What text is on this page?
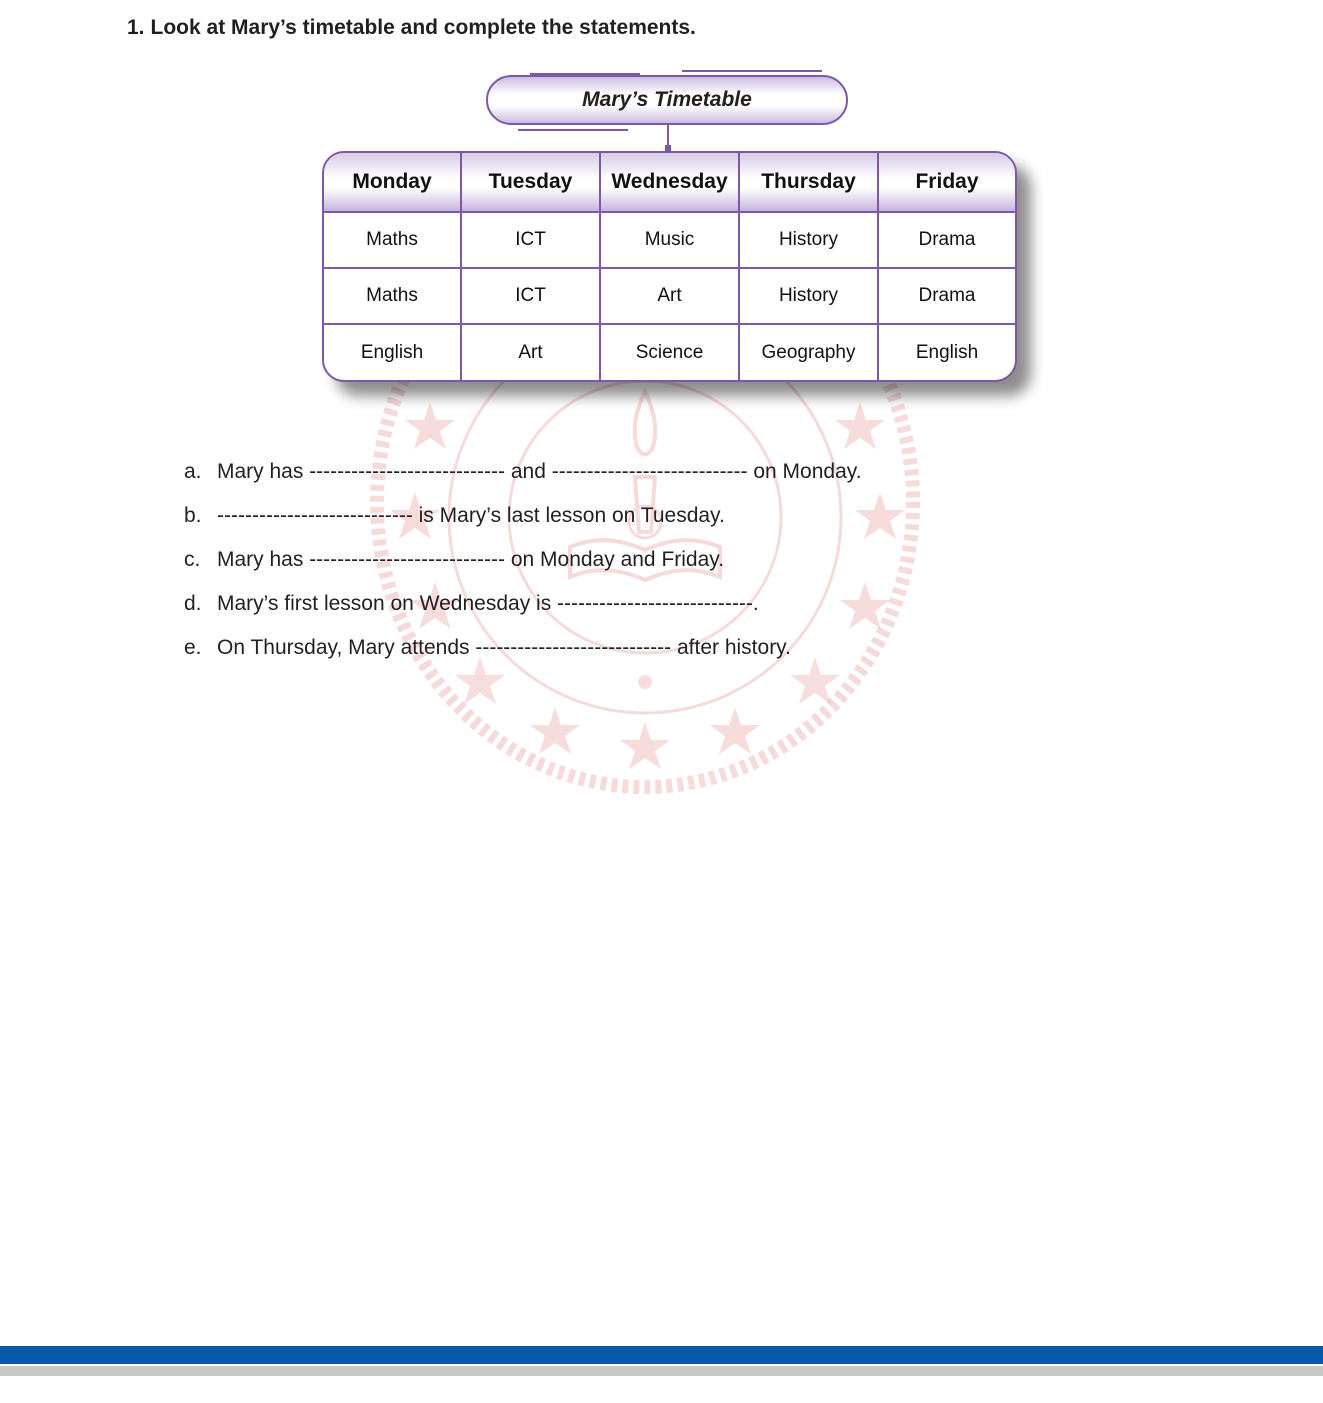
1. Look at Mary’s timetable and complete the statements.
Mary’s Timetable
Monday	Tuesday	Wednesday	Thursday	Friday
Maths	ICT	Music	History	Drama
Maths	ICT	Art	History	Drama
English	Art	Science	Geography	English
a. Mary has ---------------------------- and ---------------------------- on Monday.
b. ---------------------------- is Mary’s last lesson on Tuesday.
c. Mary has ---------------------------- on Monday and Friday.
d. Mary’s first lesson on Wednesday is ----------------------------.
e. On Thursday, Mary attends ---------------------------- after history.
